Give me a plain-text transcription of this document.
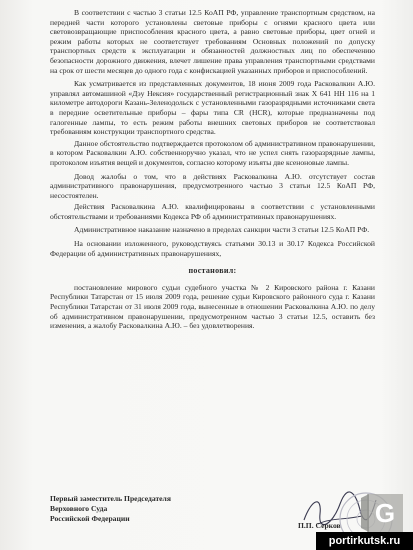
В соответствии с частью 3 статьи 12.5 КоАП РФ, управление транспортным средством, на передней части которого установлены световые приборы с огнями красного цвета или световозвращающие приспособления красного цвета, а равно световые приборы, цвет огней и режим работы которых не соответствует требованиям Основных положений по допуску транспортных средств к эксплуатации и обязанностей должностных лиц по обеспечению безопасности дорожного движения, влечет лишение права управления транспортными средствами на срок от шести месяцев до одного года с конфискацией указанных приборов и приспособлений.

Как усматривается из представленных документов, 18 июня 2009 года Расковалкин А.Ю. управлял автомашиной «Дэу Нексия» государственный регистрационный знак Х 641 НН 116 на 1 километре автодороги Казань-Зеленодольск с установленными газоразрядными источниками света в передние осветительные приборы – фары типа CR (HCR), которые предназначены под галогенные лампы, то есть режим работы внешних световых приборов не соответствовал требованиям конструкции транспортного средства.

Данное обстоятельство подтверждается протоколом об административном правонарушении, в котором Расковалкин А.Ю. собственноручно указал, что не успел снять газоразрядные лампы, протоколом изъятия вещей и документов, согласно которому изъяты две ксеноновые лампы.

Довод жалобы о том, что в действиях Расковалкина А.Ю. отсутствует состав административного правонарушения, предусмотренного частью 3 статьи 12.5 КоАП РФ, несостоятелен.

Действия Расковалкина А.Ю. квалифицированы в соответствии с установленными обстоятельствами и требованиями Кодекса РФ об административных правонарушениях.

Административное наказание назначено в пределах санкции части 3 статьи 12.5 КоАП РФ.

На основании изложенного, руководствуясь статьями 30.13 и 30.17 Кодекса Российской Федерации об административных правонарушениях,

постановил:

постановление мирового судьи судебного участка № 2 Кировского района г. Казани Республики Татарстан от 15 июля 2009 года, решение судьи Кировского районного суда г. Казани Республики Татарстан от 31 июля 2009 года, вынесенные в отношении Расковалкина А.Ю. по делу об административном правонарушении, предусмотренном частью 3 статьи 12.5, оставить без изменения, а жалобу Расковалкина А.Ю. – без удовлетворения.

Первый заместитель Председателя
Верховного Суда
Российской Федерации
П.П. Серков G
portirkutsk.ru
